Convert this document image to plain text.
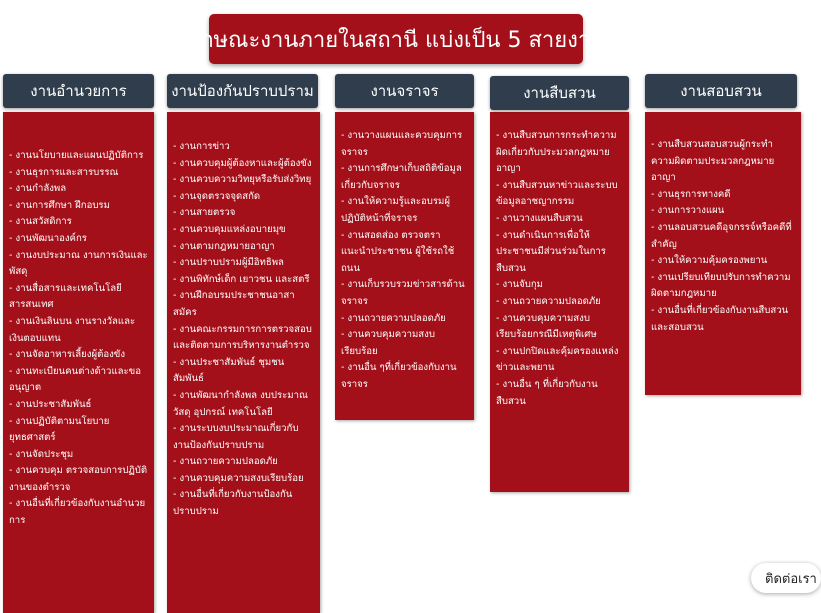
ลักษณะงานภายในสถานี แบ่งเป็น 5 สายงาน
งานอำนวยการ
- งานนโยบายและแผนปฏิบัติการ
- งานธุรการและสารบรรณ
- งานกำลังพล
- งานการศึกษา ฝึกอบรม
- งานสวัสดิการ
- งานพัฒนาองค์กร
- งานงบประมาณ งานการเงินและพัสดุ
- งานสื่อสารและเทคโนโลยีสารสนเทศ
- งานเงินลินบน งานรางวัลและเงินตอบแทน
- งานจัดอาหารเลี้ยงผู้ต้องขัง
- งานทะเบียนคนต่างด้าวและขออนุญาต
- งานประชาสัมพันธ์
- งานปฏิบัติตามนโยบายยุทธศาสตร์
- งานจัดประชุม
- งานควบคุม ตรวจสอบการปฏิบัติงานของตำรวจ
- งานอื่นที่เกี่ยวข้องกับงานอำนวยการ
งานป้องกันปราบปราม
- งานการข่าว
- งานควบคุมผู้ต้องหาและผู้ต้องขัง
- งานควบความวิทยุหรือรับส่งวิทยุ
- งานจุดตรวจจุดสกัด
- งานสายตรวจ
- งานควบคุมแหล่งอบายมุข
- งานตามกฎหมายอาญา
- งานปราบปรามผู้มีอิทธิพล
- งานพิทักษ์เด็ก เยาวชน และสตรี
- งานฝึกอบรมประชาชนอาสาสมัคร
- งานคณะกรรมการการตรวจสอบและติดตามการบริหารงานตำรวจ
- งานประชาสัมพันธ์ ชุมชนสัมพันธ์
- งานพัฒนากำลังพล งบประมาณ วัสดุ อุปกรณ์ เทคโนโลยี
- งานระบบงบประมาณเกี่ยวกับงานป้องกันปราบปราม
- งานถวายความปลอดภัย
- งานควบคุมความสงบเรียบร้อย
- งานอื่นที่เกี่ยวกับงานป้องกันปราบปราม
งานจราจร
- งานวางแผนและควบคุมการจราจร
- งานการศึกษาเก็บสถิติข้อมูลเกี่ยวกับจราจร
- งานให้ความรู้และอบรมผู้ปฏิบัติหน้าที่จราจร
- งานสอดส่อง ตรวจตรา แนะนำประชาชน ผู้ใช้รถใช้ถนน
- งานเก็บรวบรวมข่าวสารด้านจราจร
- งานถวายความปลอดภัย
- งานควบคุมความสงบเรียบร้อย
- งานอื่น ๆที่เกี่ยวข้องกับงานจราจร
งานสืบสวน
- งานสืบสวนการกระทำความผิดเกี่ยวกับประมวลกฎหมายอาญา
- งานสืบสวนหาข่าวและระบบข้อมูลอาชญากรรม
- งานวางแผนสืบสวน
- งานดำเนินการเพื่อให้ประชาชนมีส่วนร่วมในการสืบสวน
- งานจับกุม
- งานถวายความปลอดภัย
- งานควบคุมความสงบเรียบร้อยกรณีมีเหตุพิเศษ
- งานปกปิดและคุ้มครองแหล่งข่าวและพยาน
- งานอื่น ๆ ที่เกี่ยวกับงานสืบสวน
งานสอบสวน
- งานสืบสวนสอบสวนผู้กระทำความผิดตามประมวลกฎหมายอาญา
- งานธุรการทางคดี
- งานการวางแผน
- งานลอบสวนคดีอุจกรรจ์หรือคดีที่สำคัญ
- งานให้ความคุ้มครองพยาน
- งานเปรียบเทียบปรับการทำความผิดตามกฎหมาย
- งานอื่นที่เกี่ยวข้องกับงานสืบสวนและสอบสวน
ติดต่อเรา
